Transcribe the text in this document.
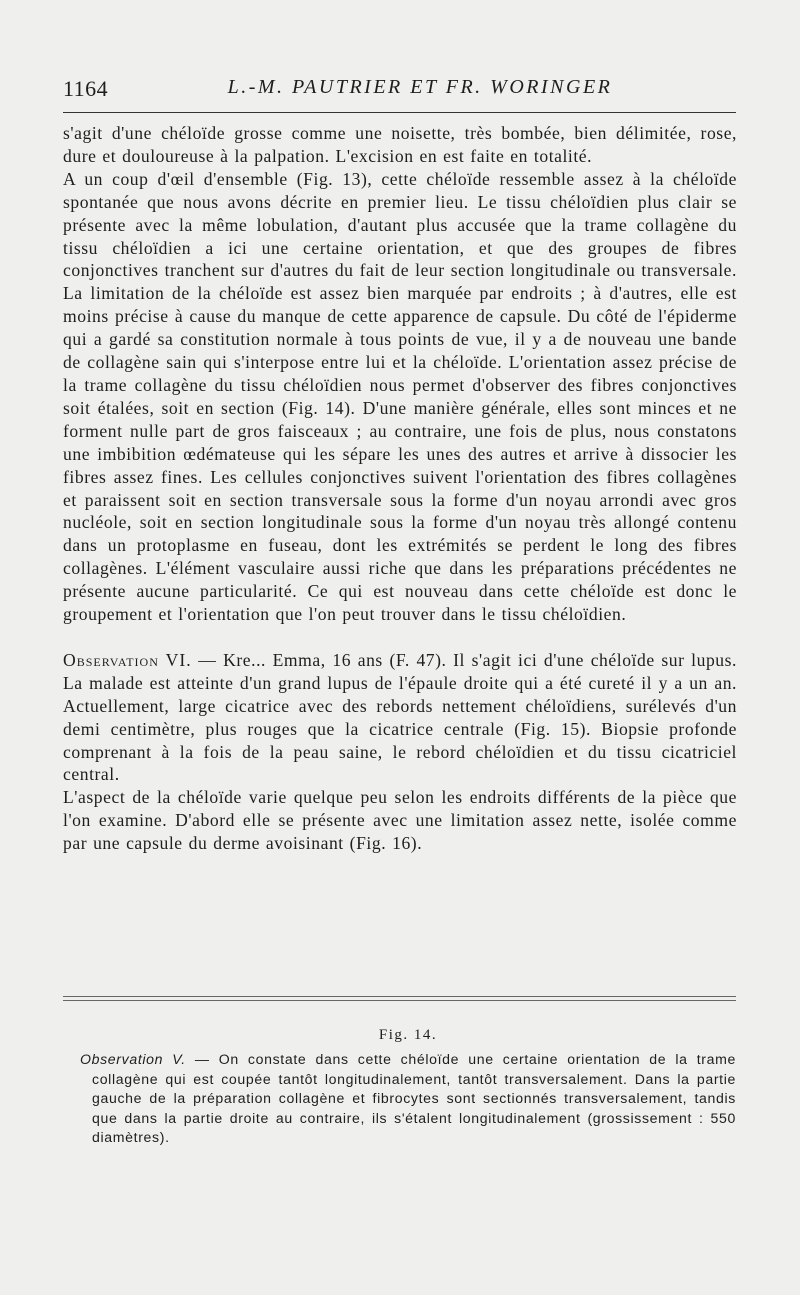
1164	L.-M. PAUTRIER ET FR. WORINGER

s'agit d'une chéloïde grosse comme une noisette, très bombée, bien délimitée, rose, dure et douloureuse à la palpation. L'excision en est faite en totalité.

A un coup d'œil d'ensemble (Fig. 13), cette chéloïde ressemble assez à la chéloïde spontanée que nous avons décrite en premier lieu. Le tissu chéloïdien plus clair se présente avec la même lobulation, d'autant plus accusée que la trame collagène du tissu chéloïdien a ici une certaine orientation, et que des groupes de fibres conjonctives tranchent sur d'autres du fait de leur section longitudinale ou transversale. La limitation de la chéloïde est assez bien marquée par endroits ; à d'autres, elle est moins précise à cause du manque de cette apparence de capsule. Du côté de l'épiderme qui a gardé sa constitution normale à tous points de vue, il y a de nouveau une bande de collagène sain qui s'interpose entre lui et la chéloïde. L'orientation assez précise de la trame collagène du tissu chéloïdien nous permet d'observer des fibres conjonctives soit étalées, soit en section (Fig. 14). D'une manière générale, elles sont minces et ne forment nulle part de gros faisceaux ; au contraire, une fois de plus, nous constatons une imbibition œdémateuse qui les sépare les unes des autres et arrive à dissocier les fibres assez fines. Les cellules conjonctives suivent l'orientation des fibres collagènes et paraissent soit en section transversale sous la forme d'un noyau arrondi avec gros nucléole, soit en section longitudinale sous la forme d'un noyau très allongé contenu dans un protoplasme en fuseau, dont les extrémités se perdent le long des fibres collagènes. L'élément vasculaire aussi riche que dans les préparations précédentes ne présente aucune particularité. Ce qui est nouveau dans cette chéloïde est donc le groupement et l'orientation que l'on peut trouver dans le tissu chéloïdien.

Observation VI. — Kre... Emma, 16 ans (F. 47). Il s'agit ici d'une chéloïde sur lupus. La malade est atteinte d'un grand lupus de l'épaule droite qui a été cureté il y a un an. Actuellement, large cicatrice avec des rebords nettement chéloïdiens, surélevés d'un demi centimètre, plus rouges que la cicatrice centrale (Fig. 15). Biopsie profonde comprenant à la fois de la peau saine, le rebord chéloïdien et du tissu cicatriciel central.

L'aspect de la chéloïde varie quelque peu selon les endroits différents de la pièce que l'on examine. D'abord elle se présente avec une limitation assez nette, isolée comme par une capsule du derme avoisinant (Fig. 16).

Fig. 14.

Observation V. — On constate dans cette chéloïde une certaine orientation de la trame collagène qui est coupée tantôt longitudinalement, tantôt transversalement. Dans la partie gauche de la préparation collagène et fibrocytes sont sectionnés transversalement, tandis que dans la partie droite au contraire, ils s'étalent longitudinalement (grossissement : 550 diamètres).
